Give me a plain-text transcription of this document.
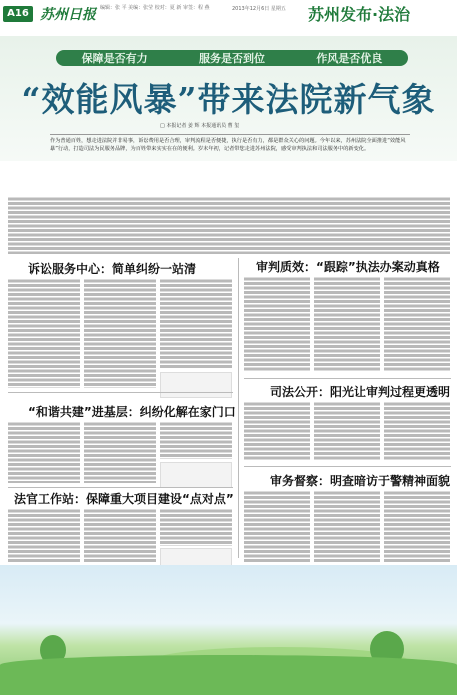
A16 苏州日报 编辑：张 平 美编：张莹 校对：夏 新 审签：程 燕	2013年12月6日 星期五 苏州发布·法治
保障是否有力	服务是否到位	作风是否优良
“效能风暴”带来法院新气象
□ 本报记者 姜 辉 本报通讯员 曹 玺
作为普通百姓，想走进法院并非易事，诉讼费用是否合理，审判流程是否便捷，执行是否有力，都是群众关心的问题。今年以来，苏州法院全面推进“效能风暴”行动，打造司法为民服务品牌，为百姓带来实实在在的便利。岁末年初，记者带您走进苏州法院，感受审判执法和司法服务中的新变化。
诉讼服务中心：简单纠纷一站清	审判质效：“跟踪”执法办案动真格
“和谐共建”进基层：纠纷化解在家门口
司法公开：阳光让审判过程更透明
法官工作站：保障重大项目建设“点对点”
审务督察：明查暗访于警精神面貌
